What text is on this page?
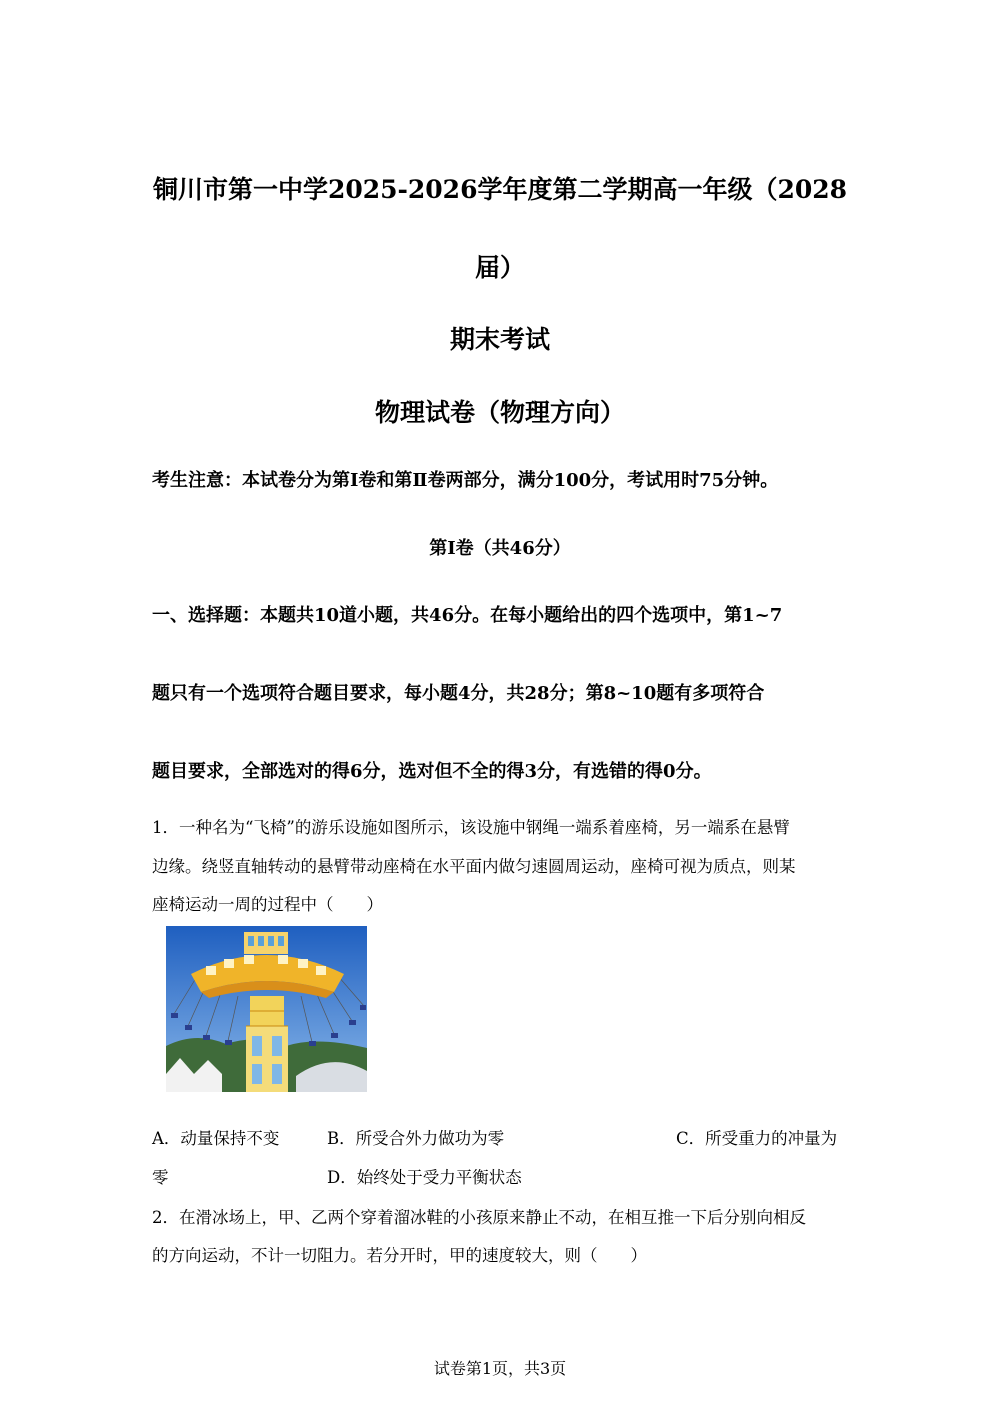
铜川市第一中学2025-2026学年度第二学期高一年级（2028
届）
期末考试
物理试卷（物理方向）
考生注意：本试卷分为第Ⅰ卷和第Ⅱ卷两部分，满分100分，考试用时75分钟。
第Ⅰ卷（共46分）
一、选择题：本题共10道小题，共46分。在每小题给出的四个选项中，第1~7
题只有一个选项符合题目要求，每小题4分，共28分；第8~10题有多项符合
题目要求，全部选对的得6分，选对但不全的得3分，有选错的得0分。
1．一种名为“飞椅”的游乐设施如图所示，该设施中钢绳一端系着座椅，另一端系在悬臂
边缘。绕竖直轴转动的悬臂带动座椅在水平面内做匀速圆周运动，座椅可视为质点，则某
座椅运动一周的过程中（　　）
A．动量保持不变	B．所受合外力做功为零	C．所受重力的冲量为
零	D．始终处于受力平衡状态
2．在滑冰场上，甲、乙两个穿着溜冰鞋的小孩原来静止不动，在相互推一下后分别向相反
的方向运动，不计一切阻力。若分开时，甲的速度较大，则（　　）
试卷第1页，共3页
